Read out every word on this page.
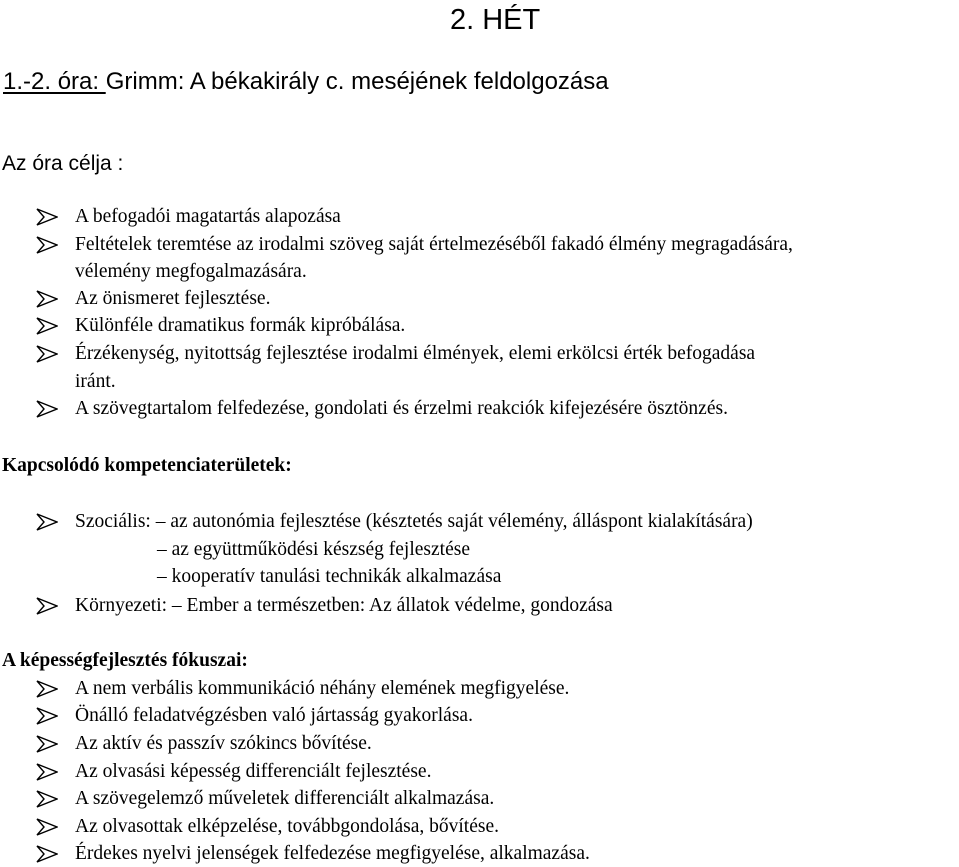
2. HÉT
1.-2. óra: Grimm: A békakirály c. meséjének feldolgozása
Az óra célja :
A befogadói magatartás alapozása
Feltételek teremtése az irodalmi szöveg saját értelmezéséből fakadó élmény megragadására,
vélemény megfogalmazására.
Az önismeret fejlesztése.
Különféle dramatikus formák kipróbálása.
Érzékenység, nyitottság fejlesztése irodalmi élmények, elemi erkölcsi érték befogadása
iránt.
A szövegtartalom felfedezése, gondolati és érzelmi reakciók kifejezésére ösztönzés.
Kapcsolódó kompetenciaterületek:
Szociális: – az autonómia fejlesztése (késztetés saját vélemény, álláspont kialakítására)
– az együttműködési készség fejlesztése
– kooperatív tanulási technikák alkalmazása
Környezeti: – Ember a természetben: Az állatok védelme, gondozása
A képességfejlesztés fókuszai:
A nem verbális kommunikáció néhány elemének megfigyelése.
Önálló feladatvégzésben való jártasság gyakorlása.
Az aktív és passzív szókincs bővítése.
Az olvasási képesség differenciált fejlesztése.
A szövegelemző műveletek differenciált alkalmazása.
Az olvasottak elképzelése, továbbgondolása, bővítése.
Érdekes nyelvi jelenségek felfedezése megfigyelése, alkalmazása.
